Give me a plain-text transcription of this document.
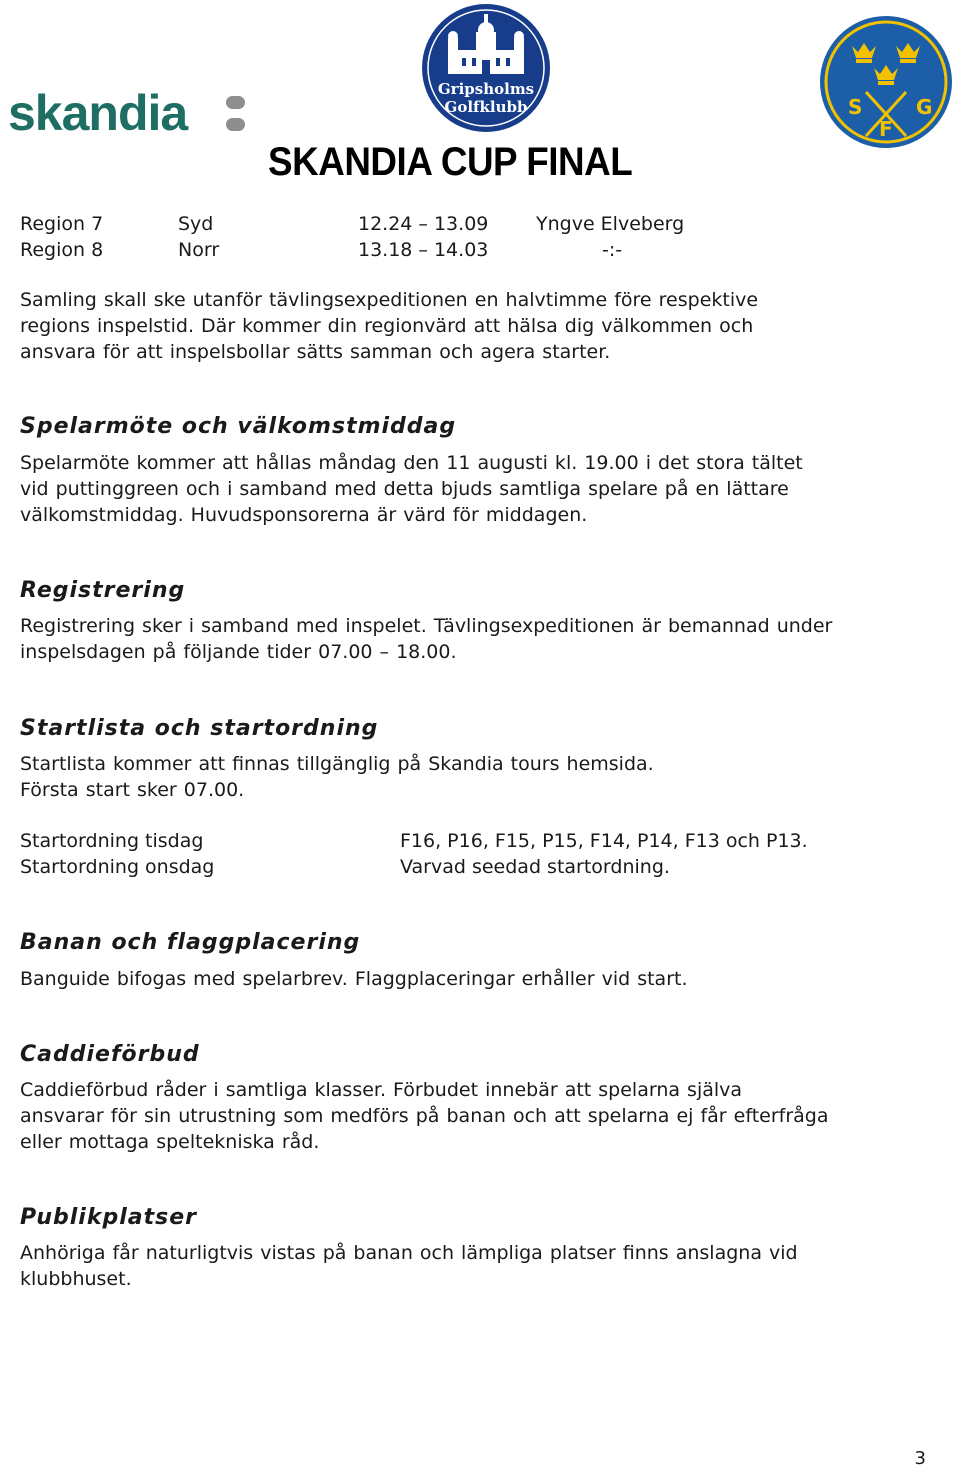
skandia	Gripsholms
Golfklubb
SKANDIA CUP FINAL
S	G
F
Region 7	Syd	12.24 – 13.09	Yngve Elveberg
Region 8	Norr	13.18 – 14.03	-:-
Samling skall ske utanför tävlingsexpeditionen en halvtimme före respektive
regions inspelstid. Där kommer din regionvärd att hälsa dig välkommen och
ansvara för att inspelsbollar sätts samman och agera starter.
Spelarmöte och välkomstmiddag
Spelarmöte kommer att hållas måndag den 11 augusti kl. 19.00 i det stora tältet
vid puttinggreen och i samband med detta bjuds samtliga spelare på en lättare
välkomstmiddag. Huvudsponsorerna är värd för middagen.
Registrering
Registrering sker i samband med inspelet. Tävlingsexpeditionen är bemannad under
inspelsdagen på följande tider 07.00 – 18.00.
Startlista och startordning
Startlista kommer att finnas tillgänglig på Skandia tours hemsida.
Första start sker 07.00.
Startordning tisdag	F16, P16, F15, P15, F14, P14, F13 och P13.
Startordning onsdag	Varvad seedad startordning.
Banan och flaggplacering
Banguide bifogas med spelarbrev. Flaggplaceringar erhåller vid start.
Caddieförbud
Caddieförbud råder i samtliga klasser. Förbudet innebär att spelarna själva
ansvarar för sin utrustning som medförs på banan och att spelarna ej får efterfråga
eller mottaga speltekniska råd.
Publikplatser
Anhöriga får naturligtvis vistas på banan och lämpliga platser finns anslagna vid
klubbhuset.
3
